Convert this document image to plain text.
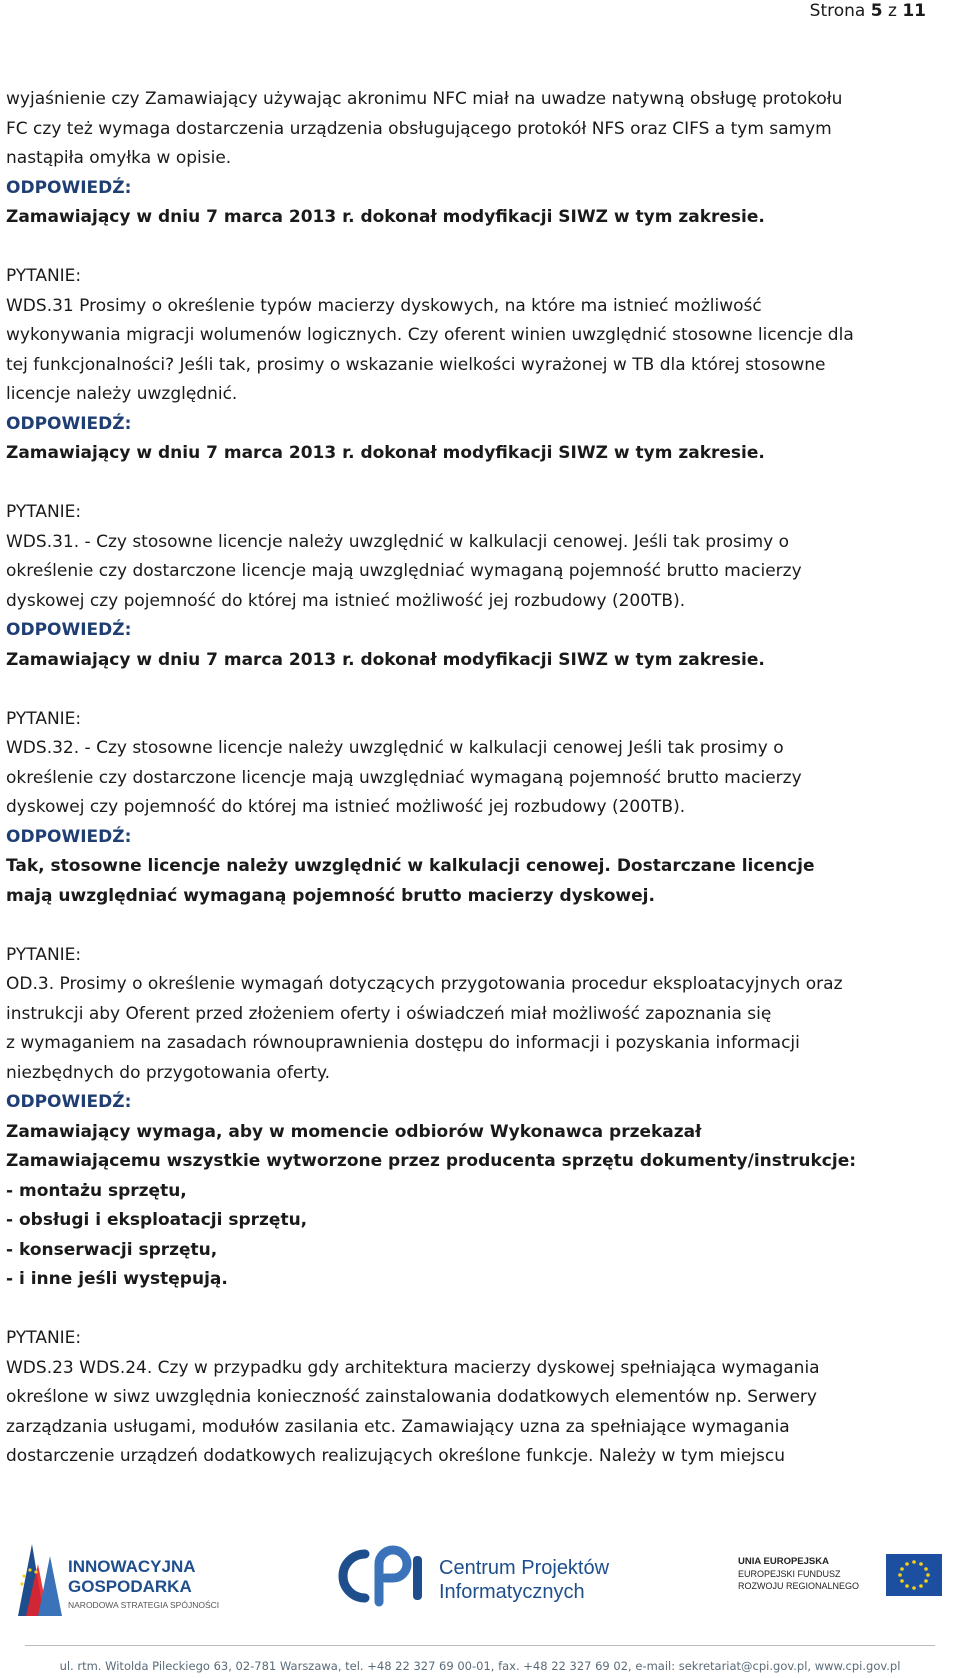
Strona 5 z 11

wyjaśnienie czy Zamawiający używając akronimu NFC miał na uwadze natywną obsługę protokołu

FC czy też wymaga dostarczenia urządzenia obsługującego protokół NFS oraz CIFS a tym samym

nastąpiła omyłka w opisie.

ODPOWIEDŹ:

Zamawiający w dniu 7 marca 2013 r. dokonał modyfikacji SIWZ w tym zakresie.

PYTANIE:

WDS.31 Prosimy o określenie typów macierzy dyskowych, na które ma istnieć możliwość

wykonywania migracji wolumenów logicznych. Czy oferent winien uwzględnić stosowne licencje dla

tej funkcjonalności? Jeśli tak, prosimy o wskazanie wielkości wyrażonej w TB dla której stosowne

licencje należy uwzględnić.

ODPOWIEDŹ:

Zamawiający w dniu 7 marca 2013 r. dokonał modyfikacji SIWZ w tym zakresie.

PYTANIE:

WDS.31. - Czy stosowne licencje należy uwzględnić w kalkulacji cenowej. Jeśli tak prosimy o

określenie czy dostarczone licencje mają uwzględniać wymaganą pojemność brutto macierzy

dyskowej czy pojemność do której ma istnieć możliwość jej rozbudowy (200TB).

ODPOWIEDŹ:

Zamawiający w dniu 7 marca 2013 r. dokonał modyfikacji SIWZ w tym zakresie.

PYTANIE:

WDS.32. - Czy stosowne licencje należy uwzględnić w kalkulacji cenowej Jeśli tak prosimy o

określenie czy dostarczone licencje mają uwzględniać wymaganą pojemność brutto macierzy

dyskowej czy pojemność do której ma istnieć możliwość jej rozbudowy (200TB).

ODPOWIEDŹ:

Tak, stosowne licencje należy uwzględnić w kalkulacji cenowej. Dostarczane licencje

mają uwzględniać wymaganą pojemność brutto macierzy dyskowej.

PYTANIE:

OD.3. Prosimy o określenie wymagań dotyczących przygotowania procedur eksploatacyjnych oraz

instrukcji aby Oferent przed złożeniem oferty i oświadczeń miał możliwość zapoznania się

z wymaganiem na zasadach równouprawnienia dostępu do informacji i pozyskania informacji

niezbędnych do przygotowania oferty.

ODPOWIEDŹ:

Zamawiający wymaga, aby w momencie odbiorów Wykonawca przekazał

Zamawiającemu wszystkie wytworzone przez producenta sprzętu dokumenty/instrukcje:

- montażu sprzętu,

- obsługi i eksploatacji sprzętu,

- konserwacji sprzętu,

- i inne jeśli występują.

PYTANIE:

WDS.23 WDS.24. Czy w przypadku gdy architektura macierzy dyskowej spełniająca wymagania

określone w siwz uwzględnia konieczność zainstalowania dodatkowych elementów np. Serwery

zarządzania usługami, modułów zasilania etc. Zamawiający uzna za spełniające wymagania

dostarczenie urządzeń dodatkowych realizujących określone funkcje. Należy w tym miejscu

INNOWACYJNA
GOSPODARKA
NARODOWA STRATEGIA SPÓJNOŚCI
CPI
Centrum Projektów
Informatycznych
UNIA EUROPEJSKA
EUROPEJSKI FUNDUSZ
ROZWOJU REGIONALNEGO
ul. rtm. Witolda Pileckiego 63, 02-781 Warszawa, tel. +48 22 327 69 00-01, fax. +48 22 327 69 02, e-mail: sekretariat@cpi.gov.pl, www.cpi.gov.pl
